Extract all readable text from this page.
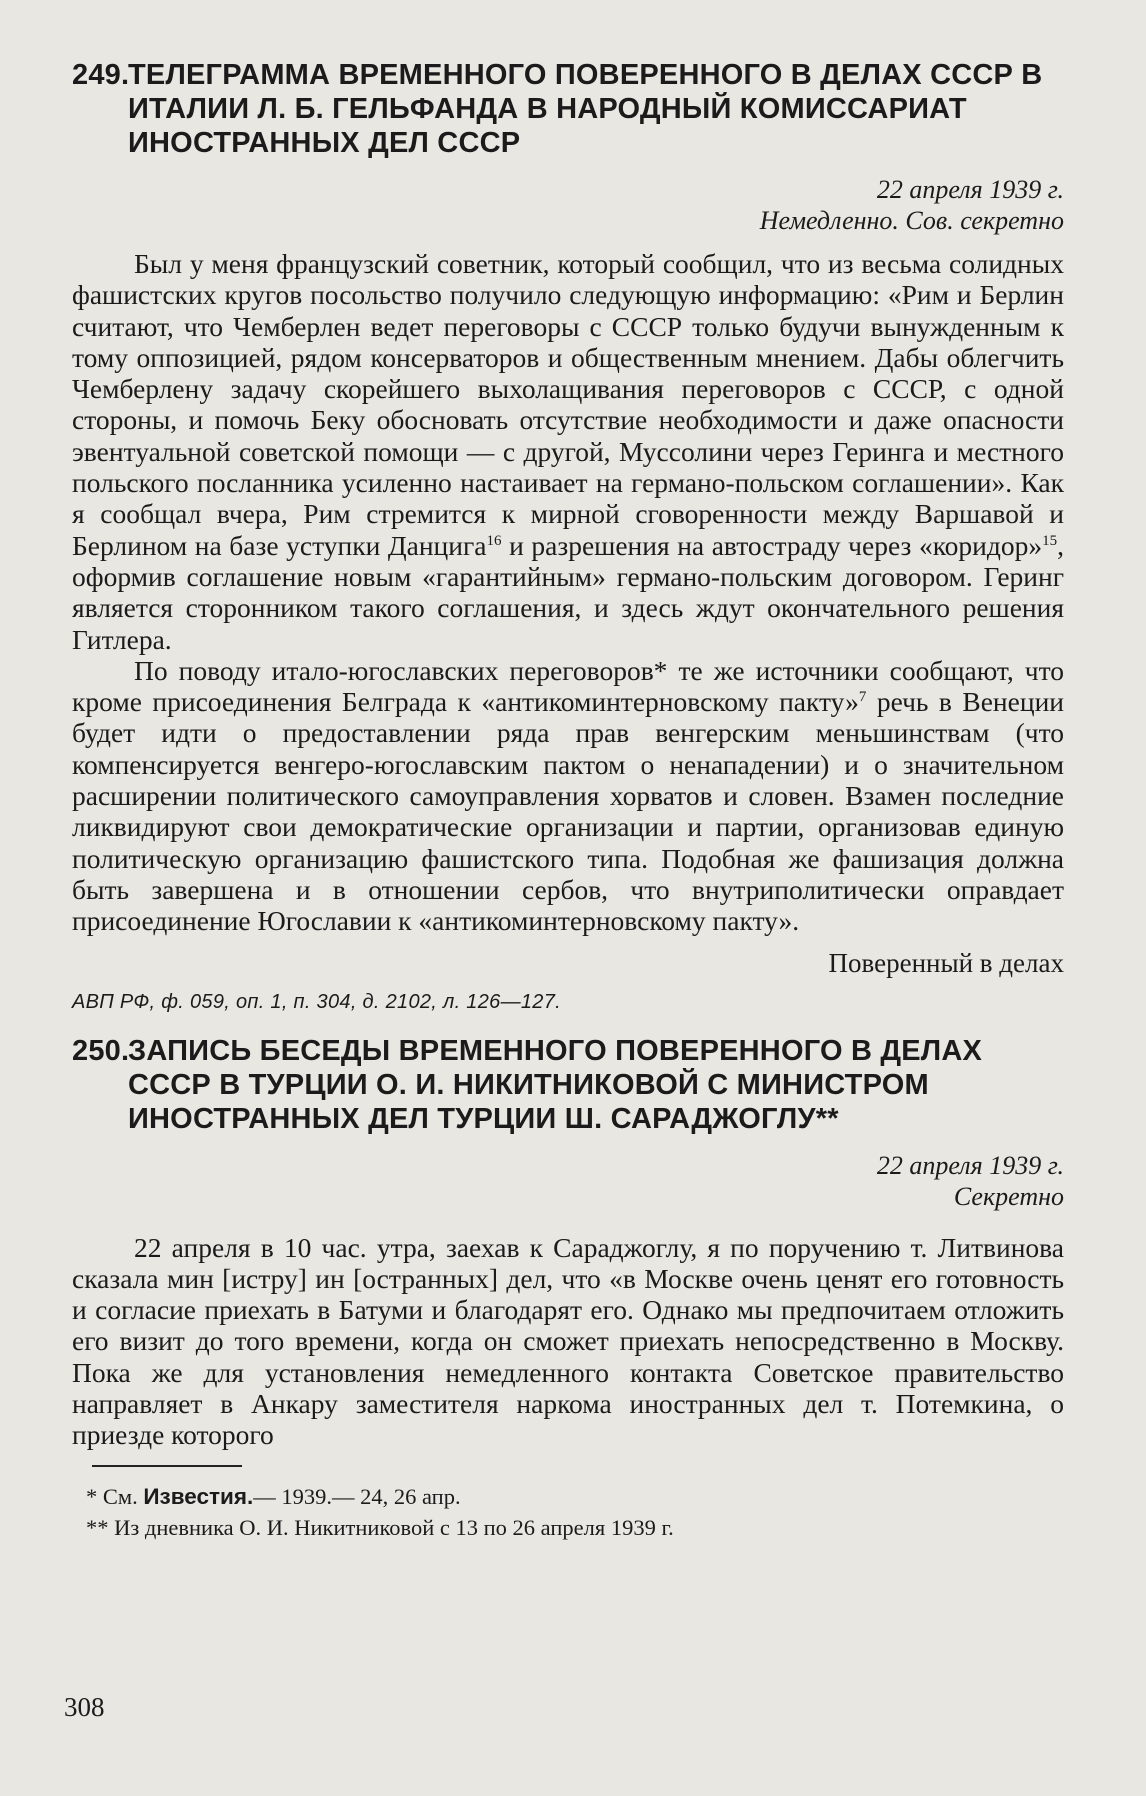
249.ТЕЛЕГРАММА ВРЕМЕННОГО ПОВЕРЕННОГО В ДЕЛАХ СССР В ИТАЛИИ Л. Б. ГЕЛЬФАНДА В НАРОДНЫЙ КОМИССАРИАТ ИНОСТРАННЫХ ДЕЛ СССР
22 апреля 1939 г.
Немедленно. Сов. секретно

Был у меня французский советник, который сообщил, что из весьма солидных фашистских кругов посольство получило следующую информацию: «Рим и Берлин считают, что Чемберлен ведет переговоры с СССР только будучи вынужденным к тому оппозицией, рядом консерваторов и общественным мнением. Дабы облегчить Чемберлену задачу скорейшего выхолащивания переговоров с СССР, с одной стороны, и помочь Беку обосновать отсутствие необходимости и даже опасности эвентуальной советской помощи — с другой, Муссолини через Геринга и местного польского посланника усиленно настаивает на германо-польском соглашении». Как я сообщал вчера, Рим стремится к мирной сговоренности между Варшавой и Берлином на базе уступки Данцига$^{16}$ и разрешения на автостраду через «коридор»$^{15}$, оформив соглашение новым «гарантийным» германо-польским договором. Геринг является сторонником такого соглашения, и здесь ждут окончательного решения Гитлера.

По поводу итало-югославских переговоров* те же источники сообщают, что кроме присоединения Белграда к «антикоминтерновскому пакту»$^7$ речь в Венеции будет идти о предоставлении ряда прав венгерским меньшинствам (что компенсируется венгеро-югославским пактом о ненападении) и о значительном расширении политического самоуправления хорватов и словен. Взамен последние ликвидируют свои демократические организации и партии, организовав единую политическую организацию фашистского типа. Подобная же фашизация должна быть завершена и в отношении сербов, что внутриполитически оправдает присоединение Югославии к «антикоминтерновскому пакту».

Поверенный в делах
АВП РФ, ф. 059, оп. 1, п. 304, д. 2102, л. 126—127.
250.ЗАПИСЬ БЕСЕДЫ ВРЕМЕННОГО ПОВЕРЕННОГО В ДЕЛАХ СССР В ТУРЦИИ О. И. НИКИТНИКОВОЙ С МИНИСТРОМ ИНОСТРАННЫХ ДЕЛ ТУРЦИИ Ш. САРАДЖОГЛУ**
22 апреля 1939 г.
Секретно

22 апреля в 10 час. утра, заехав к Сараджоглу, я по поручению т. Литвинова сказала мин [истру] ин [остранных] дел, что «в Москве очень ценят его готовность и согласие приехать в Батуми и благодарят его. Однако мы предпочитаем отложить его визит до того времени, когда он сможет приехать непосредственно в Москву. Пока же для установления немедленного контакта Советское правительство направляет в Анкару заместителя наркома иностранных дел т. Потемкина, о приезде которого

* См. Известия.— 1939.— 24, 26 апр.
** Из дневника О. И. Никитниковой с 13 по 26 апреля 1939 г.
308
